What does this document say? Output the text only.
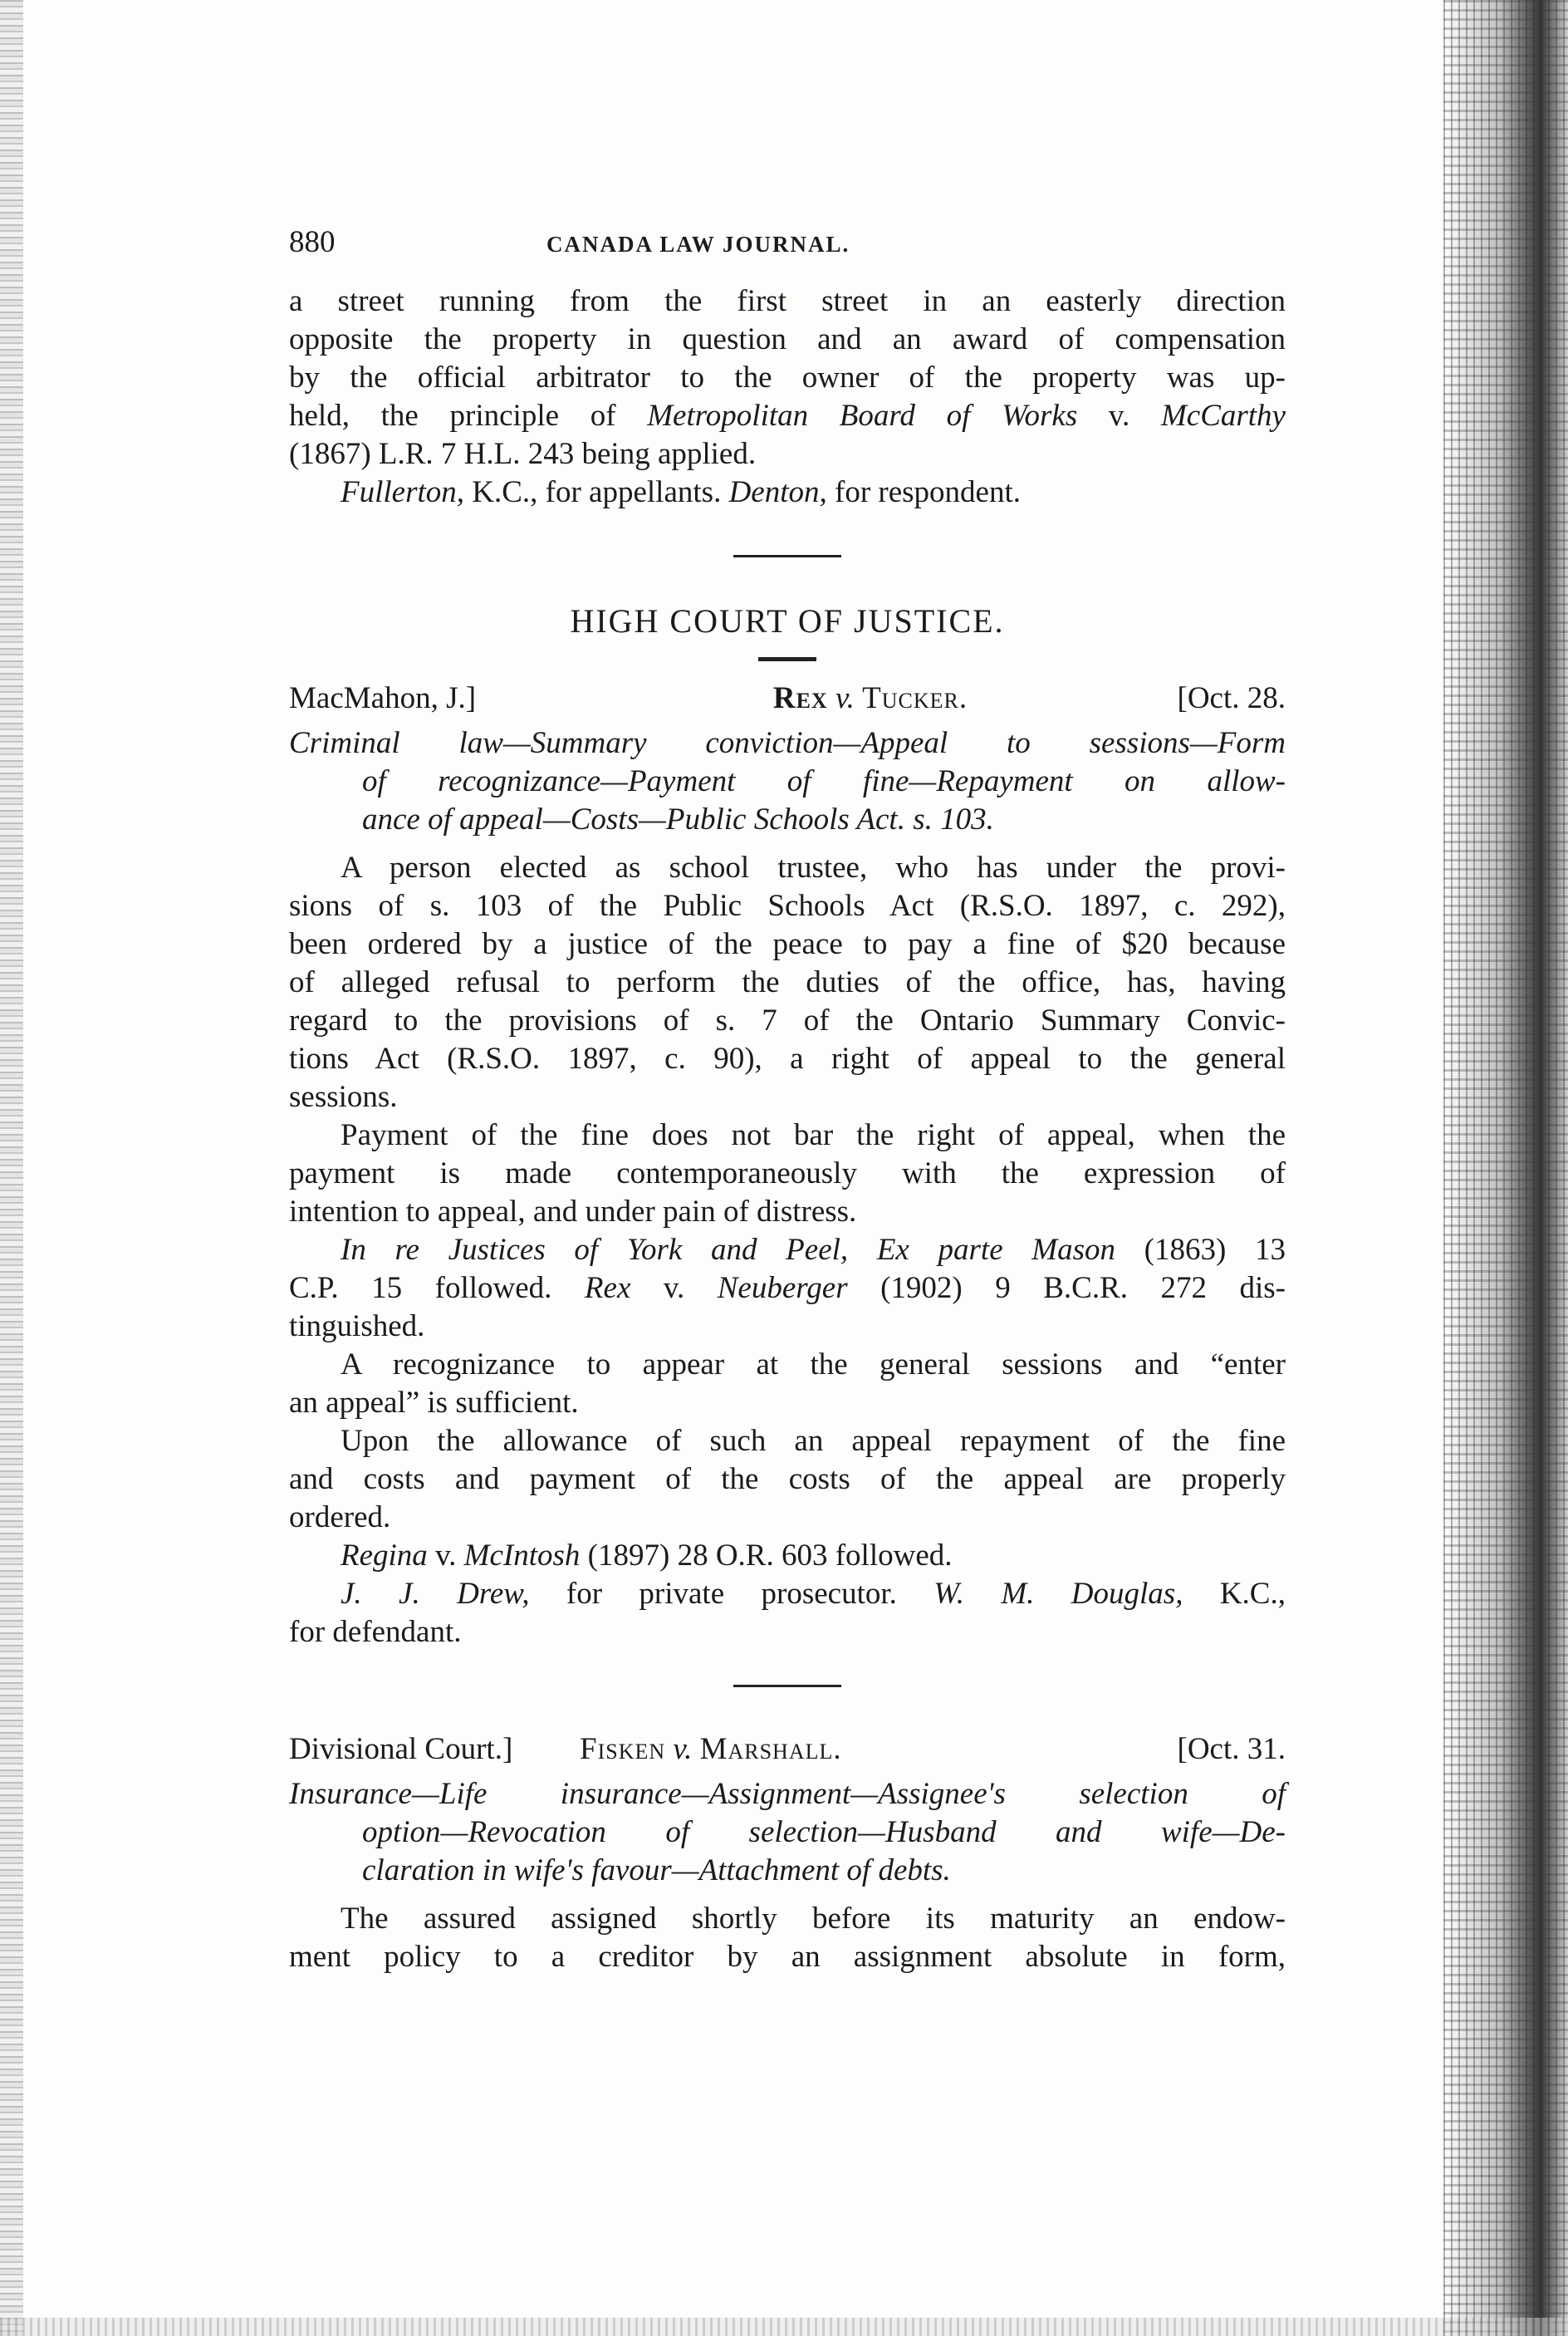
880	CANADA LAW JOURNAL.
a street running from the first street in an easterly direction
opposite the property in question and an award of compensation
by the official arbitrator to the owner of the property was up-
held, the principle of Metropolitan Board of Works v. McCarthy
(1867) L.R. 7 H.L. 243 being applied.
Fullerton, K.C., for appellants. Denton, for respondent.
HIGH COURT OF JUSTICE.
MacMahon, J.]	Rex v. Tucker.	[Oct. 28.
Criminal law—Summary conviction—Appeal to sessions—Form
of recognizance—Payment of fine—Repayment on allow-
ance of appeal—Costs—Public Schools Act. s. 103.
A person elected as school trustee, who has under the provi-
sions of s. 103 of the Public Schools Act (R.S.O. 1897, c. 292),
been ordered by a justice of the peace to pay a fine of $20 because
of alleged refusal to perform the duties of the office, has, having
regard to the provisions of s. 7 of the Ontario Summary Convic-
tions Act (R.S.O. 1897, c. 90), a right of appeal to the general
sessions.
Payment of the fine does not bar the right of appeal, when the
payment is made contemporaneously with the expression of
intention to appeal, and under pain of distress.
In re Justices of York and Peel, Ex parte Mason (1863) 13
C.P. 15 followed. Rex v. Neuberger (1902) 9 B.C.R. 272 dis-
tinguished.
A recognizance to appear at the general sessions and “enter
an appeal” is sufficient.
Upon the allowance of such an appeal repayment of the fine
and costs and payment of the costs of the appeal are properly
ordered.
Regina v. McIntosh (1897) 28 O.R. 603 followed.
J. J. Drew, for private prosecutor. W. M. Douglas, K.C.,
for defendant.
Divisional Court.]	Fisken v. Marshall.	[Oct. 31.
Insurance—Life insurance—Assignment—Assignee's selection of
option—Revocation of selection—Husband and wife—De-
claration in wife's favour—Attachment of debts.
The assured assigned shortly before its maturity an endow-
ment policy to a creditor by an assignment absolute in form,
